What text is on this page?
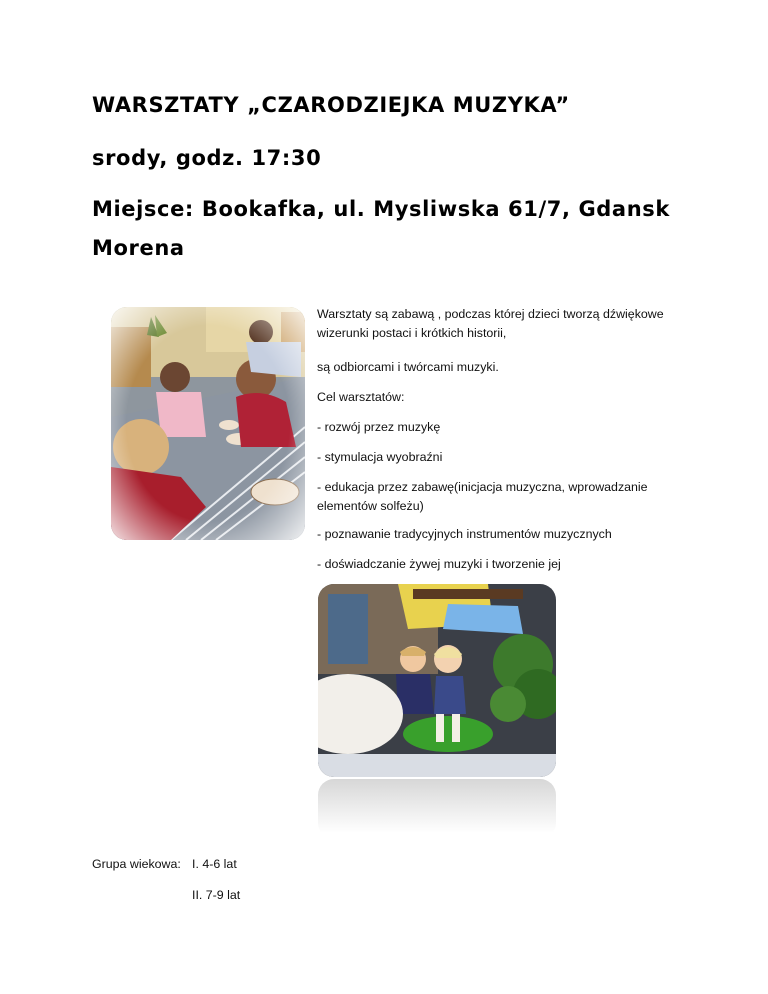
WARSZTATY „CZARODZIEJKA MUZYKA”
srody, godz. 17:30
Miejsce: Bookafka, ul. Mysliwska 61/7, Gdansk
Morena

Warsztaty są zabawą , podczas której dzieci tworzą dźwiękowe wizerunki postaci i krótkich historii,

są odbiorcami i twórcami muzyki.

Cel warsztatów:

- rozwój przez muzykę

- stymulacja wyobraźni

- edukacja przez zabawę(inicjacja muzyczna, wprowadzanie elementów solfeżu)

- poznawanie tradycyjnych instrumentów muzycznych

- doświadczanie żywej muzyki i tworzenie jej

Grupa wiekowa: I. 4-6 lat

II. 7-9 lat
